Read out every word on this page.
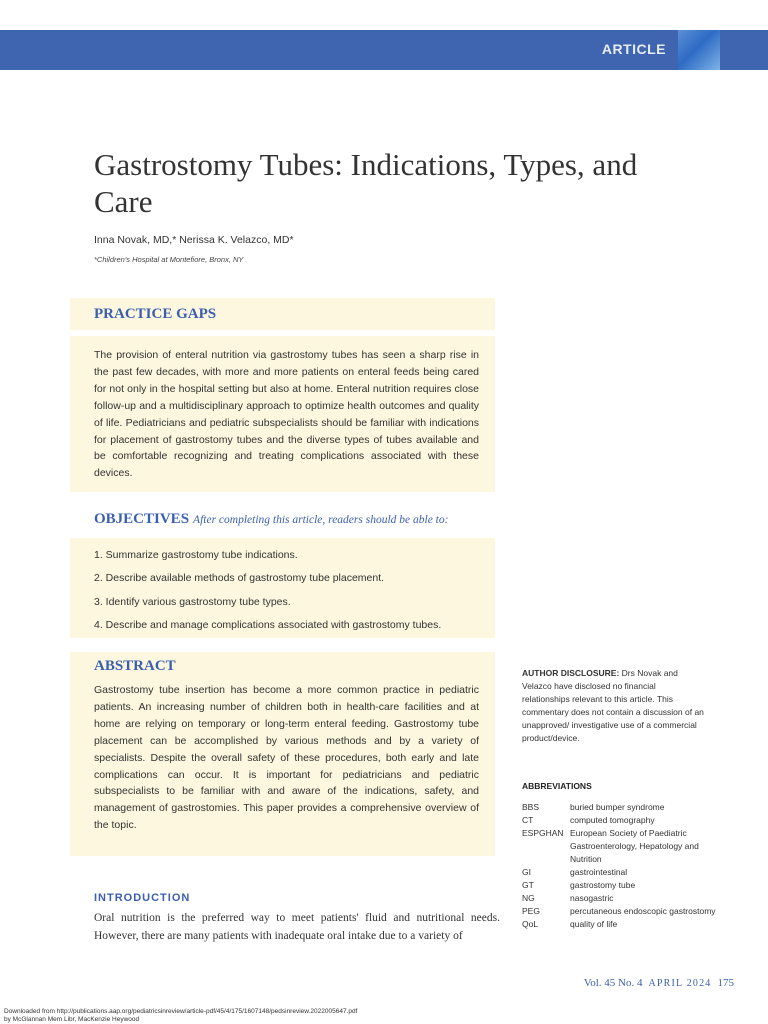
ARTICLE
Gastrostomy Tubes: Indications, Types, and Care
Inna Novak, MD,* Nerissa K. Velazco, MD*
*Children's Hospital at Montefiore, Bronx, NY
PRACTICE GAPS
The provision of enteral nutrition via gastrostomy tubes has seen a sharp rise in the past few decades, with more and more patients on enteral feeds being cared for not only in the hospital setting but also at home. Enteral nutrition requires close follow-up and a multidisciplinary approach to optimize health outcomes and quality of life. Pediatricians and pediatric subspecialists should be familiar with indications for placement of gastrostomy tubes and the diverse types of tubes available and be comfortable recognizing and treating complications associated with these devices.
OBJECTIVES After completing this article, readers should be able to:
1. Summarize gastrostomy tube indications.
2. Describe available methods of gastrostomy tube placement.
3. Identify various gastrostomy tube types.
4. Describe and manage complications associated with gastrostomy tubes.
ABSTRACT
Gastrostomy tube insertion has become a more common practice in pediatric patients. An increasing number of children both in health-care facilities and at home are relying on temporary or long-term enteral feeding. Gastrostomy tube placement can be accomplished by various methods and by a variety of specialists. Despite the overall safety of these procedures, both early and late complications can occur. It is important for pediatricians and pediatric subspecialists to be familiar with and aware of the indications, safety, and management of gastrostomies. This paper provides a comprehensive overview of the topic.
INTRODUCTION
Oral nutrition is the preferred way to meet patients' fluid and nutritional needs. However, there are many patients with inadequate oral intake due to a variety of
AUTHOR DISCLOSURE: Drs Novak and Velazco have disclosed no financial relationships relevant to this article. This commentary does not contain a discussion of an unapproved/ investigative use of a commercial product/device.
ABBREVIATIONS
BBS	buried bumper syndrome
CT	computed tomography
ESPGHAN European Society of Paediatric Gastroenterology, Hepatology and Nutrition
GI	gastrointestinal
GT	gastrostomy tube
NG	nasogastric
PEG	percutaneous endoscopic gastrostomy
QoL	quality of life
Vol. 45 No. 4 APRIL 2024 175
Downloaded from http://publications.aap.org/pediatricsinreview/article-pdf/45/4/175/1607148/pedsinreview.2022005647.pdf
by McGlannan Mem Libr, MacKenzie Heywood
